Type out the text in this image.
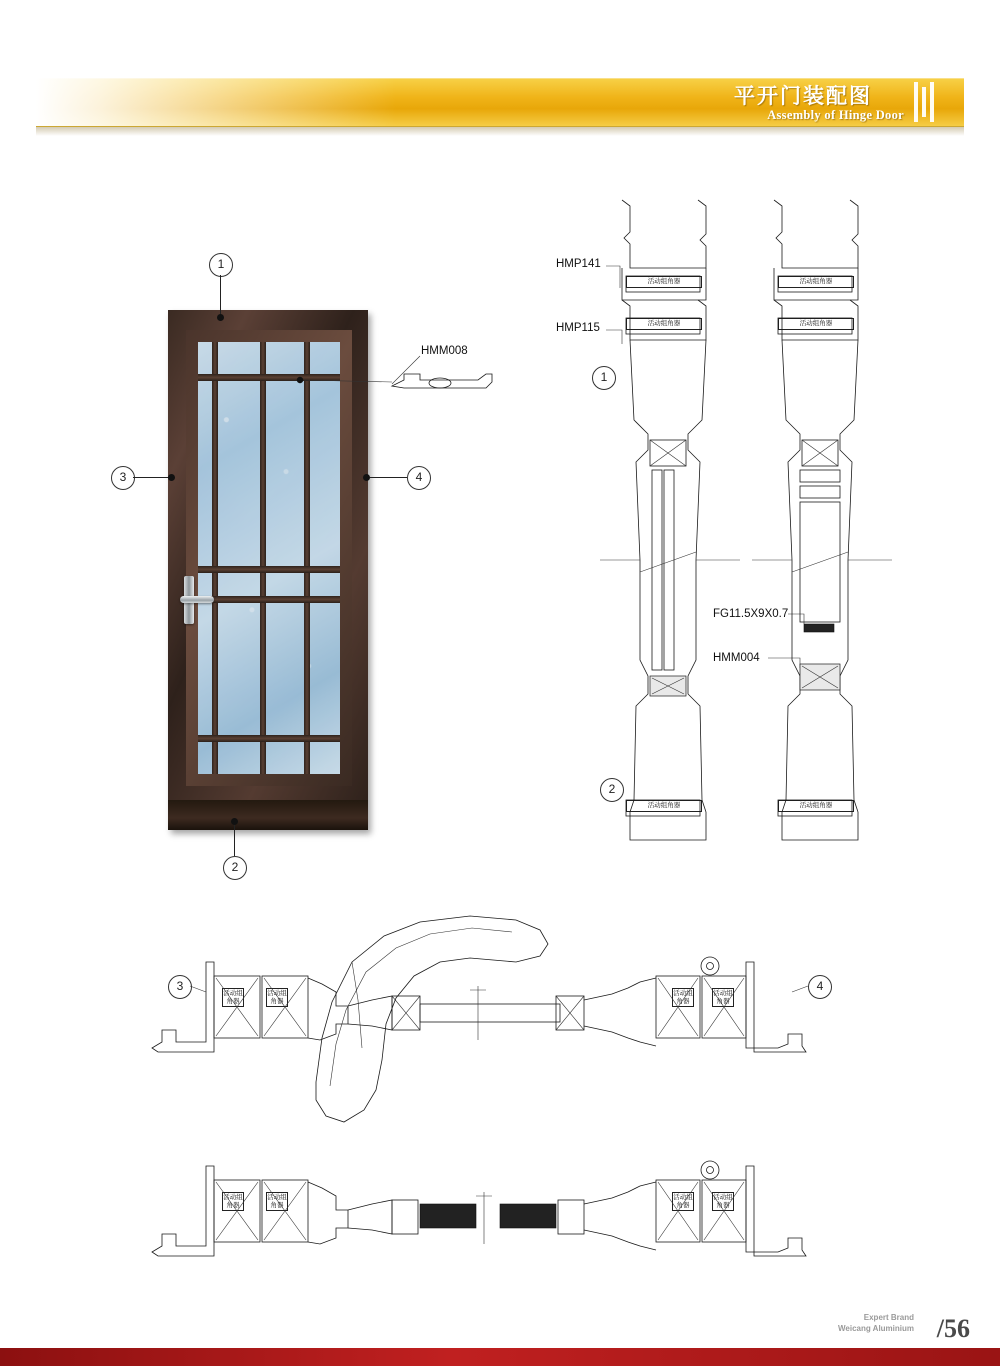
平开门装配图
Assembly of Hinge Door
1
2
3	4
HMM008
HMP141
HMP115
FG11.5X9X0.7
HMM004
1
2
3	4
活动组角器
活动组角器
活动组角器
活动组角器
活动组角器
活动组角器
活动组角器
活动组角器
活动组角器
活动组角器
活动组角器
活动组角器
活动组角器
活动组角器
Expert Brand
Weicang Aluminium /56
